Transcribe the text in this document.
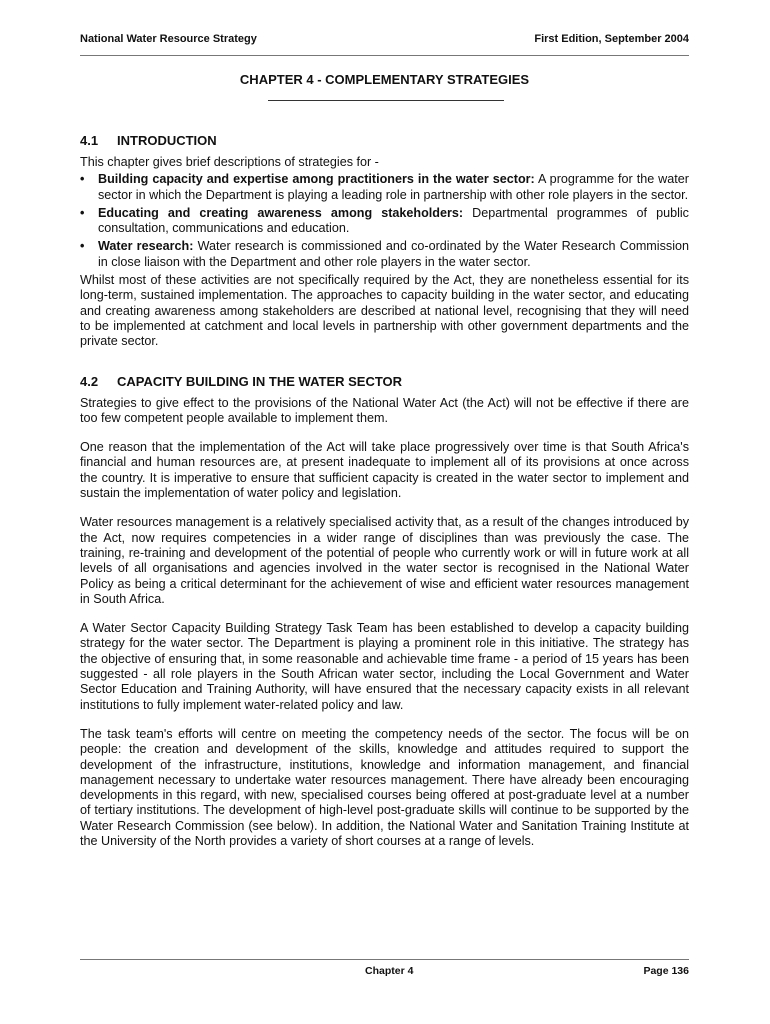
National Water Resource Strategy	First Edition, September 2004
CHAPTER 4 - COMPLEMENTARY STRATEGIES
4.1 INTRODUCTION

This chapter gives brief descriptions of strategies for -

• Building capacity and expertise among practitioners in the water sector: A programme for the water sector in which the Department is playing a leading role in partnership with other role players in the sector.
• Educating and creating awareness among stakeholders: Departmental programmes of public consultation, communications and education.
• Water research: Water research is commissioned and co-ordinated by the Water Research Commission in close liaison with the Department and other role players in the water sector.

Whilst most of these activities are not specifically required by the Act, they are nonetheless essential for its long-term, sustained implementation. The approaches to capacity building in the water sector, and educating and creating awareness among stakeholders are described at national level, recognising that they will need to be implemented at catchment and local levels in partnership with other government departments and the private sector.

4.2 CAPACITY BUILDING IN THE WATER SECTOR

Strategies to give effect to the provisions of the National Water Act (the Act) will not be effective if there are too few competent people available to implement them.

One reason that the implementation of the Act will take place progressively over time is that South Africa's financial and human resources are, at present inadequate to implement all of its provisions at once across the country. It is imperative to ensure that sufficient capacity is created in the water sector to implement and sustain the implementation of water policy and legislation.

Water resources management is a relatively specialised activity that, as a result of the changes introduced by the Act, now requires competencies in a wider range of disciplines than was previously the case. The training, re-training and development of the potential of people who currently work or will in future work at all levels of all organisations and agencies involved in the water sector is recognised in the National Water Policy as being a critical determinant for the achievement of wise and efficient water resources management in South Africa.

A Water Sector Capacity Building Strategy Task Team has been established to develop a capacity building strategy for the water sector. The Department is playing a prominent role in this initiative. The strategy has the objective of ensuring that, in some reasonable and achievable time frame - a period of 15 years has been suggested - all role players in the South African water sector, including the Local Government and Water Sector Education and Training Authority, will have ensured that the necessary capacity exists in all relevant institutions to fully implement water-related policy and law.

The task team's efforts will centre on meeting the competency needs of the sector. The focus will be on people: the creation and development of the skills, knowledge and attitudes required to support the development of the infrastructure, institutions, knowledge and information management, and financial management necessary to undertake water resources management. There have already been encouraging developments in this regard, with new, specialised courses being offered at post-graduate level at a number of tertiary institutions. The development of high-level post-graduate skills will continue to be supported by the Water Research Commission (see below). In addition, the National Water and Sanitation Training Institute at the University of the North provides a variety of short courses at a range of levels.

Chapter 4	Page 136
